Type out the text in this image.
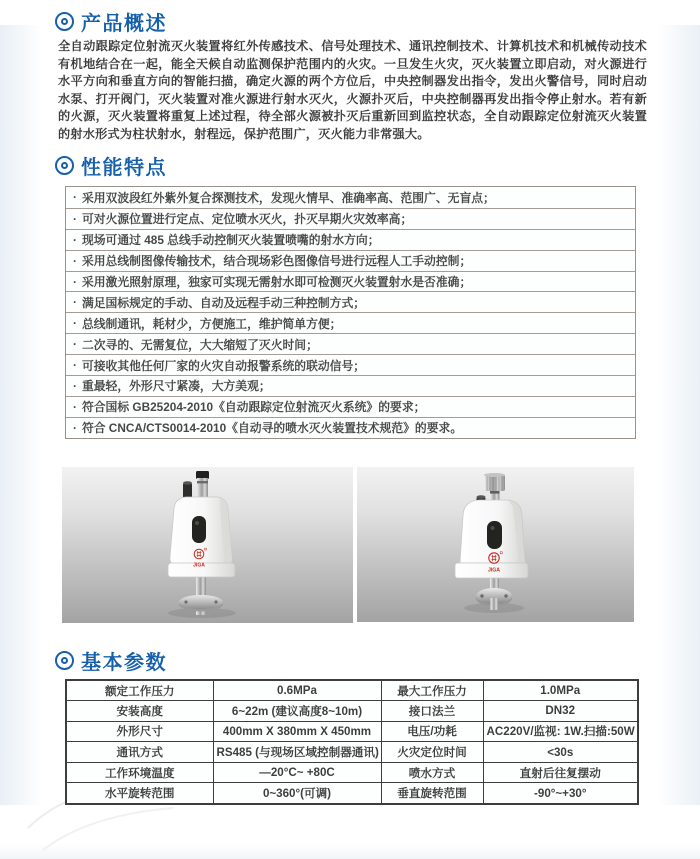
产品概述

全自动跟踪定位射流灭火装置将红外传感技术、信号处理技术、通讯控制技术、计算机技术和机械传动技术有机地结合在一起，能全天候自动监测保护范围内的火灾。一旦发生火灾，灭火装置立即启动，对火源进行水平方向和垂直方向的智能扫描，确定火源的两个方位后，中央控制器发出指令，发出火警信号，同时启动水泵、打开阀门，灭火装置对准火源进行射水灭火，火源扑灭后，中央控制器再发出指令停止射水。若有新的火源，灭火装置将重复上述过程，待全部火源被扑灭后重新回到监控状态，全自动跟踪定位射流灭火装置的射水形式为柱状射水，射程远，保护范围广，灭火能力非常强大。

性能特点
· 采用双波段红外紫外复合探测技术，发现火情早、准确率高、范围广、无盲点；
· 可对火源位置进行定点、定位喷水灭火，扑灭早期火灾效率高；
· 现场可通过 485 总线手动控制灭火装置喷嘴的射水方向；
· 采用总线制图像传输技术，结合现场彩色图像信号进行远程人工手动控制；
· 采用激光照射原理，独家可实现无需射水即可检测灭火装置射水是否准确；
· 满足国标规定的手动、自动及远程手动三种控制方式；
· 总线制通讯，耗材少，方便施工，维护简单方便；
· 二次寻的、无需复位，大大缩短了灭火时间；
· 可接收其他任何厂家的火灾自动报警系统的联动信号；
· 重最轻，外形尺寸紧凑，大方美观；
· 符合国标 GB25204-2010《自动跟踪定位射流灭火系统》的要求；
· 符合 CNCA/CTS0014-2010《自动寻的喷水灭火装置技术规范》的要求。
JIGA
JIGA
基本参数
额定工作压力	0.6MPa	最大工作压力	1.0MPa
安装高度	6~22m (建议高度8~10m)	接口法兰	DN32
外形尺寸	400mm X 380mm X 450mm	电压/功耗	AC220V/监视: 1W.扫描:50W
通讯方式	RS485 (与现场区域控制器通讯)	火灾定位时间	<30s
工作环境温度	—20°C~ +80C	喷水方式	直射后往复摆动
水平旋转范围	0~360°(可调)	垂直旋转范围	-90°~+30°
